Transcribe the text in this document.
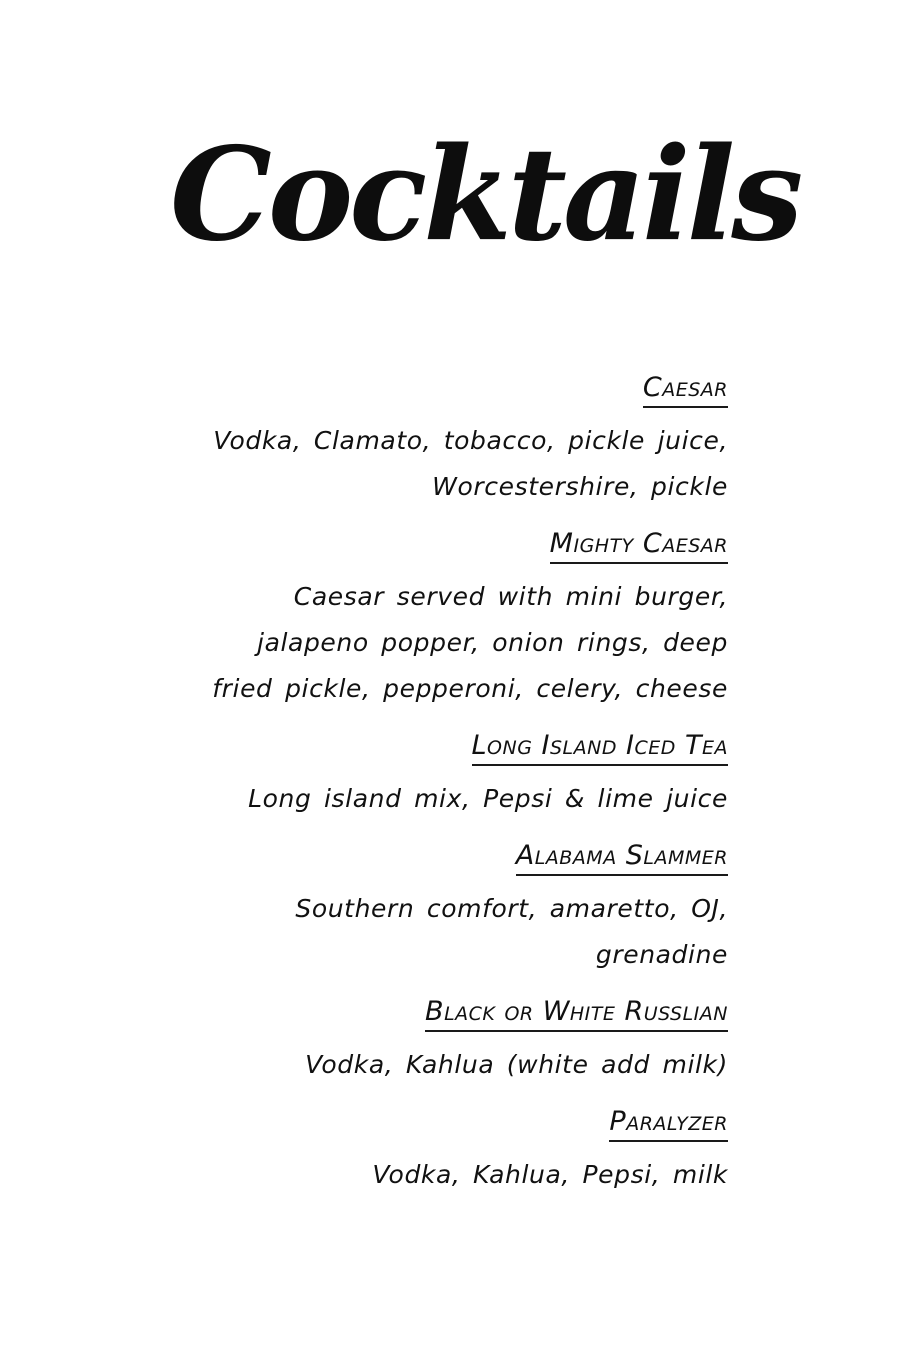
Cocktails
Caesar
Vodka, Clamato, tobacco, pickle juice,
Worcestershire, pickle
Mighty Caesar
Caesar served with mini burger,
jalapeno popper, onion rings, deep
fried pickle, pepperoni, celery, cheese
Long Island Iced Tea
Long island mix, Pepsi & lime juice
Alabama Slammer
Southern comfort, amaretto, OJ,
grenadine
Black or White Russlian
Vodka, Kahlua (white add milk)
Paralyzer
Vodka, Kahlua, Pepsi, milk
